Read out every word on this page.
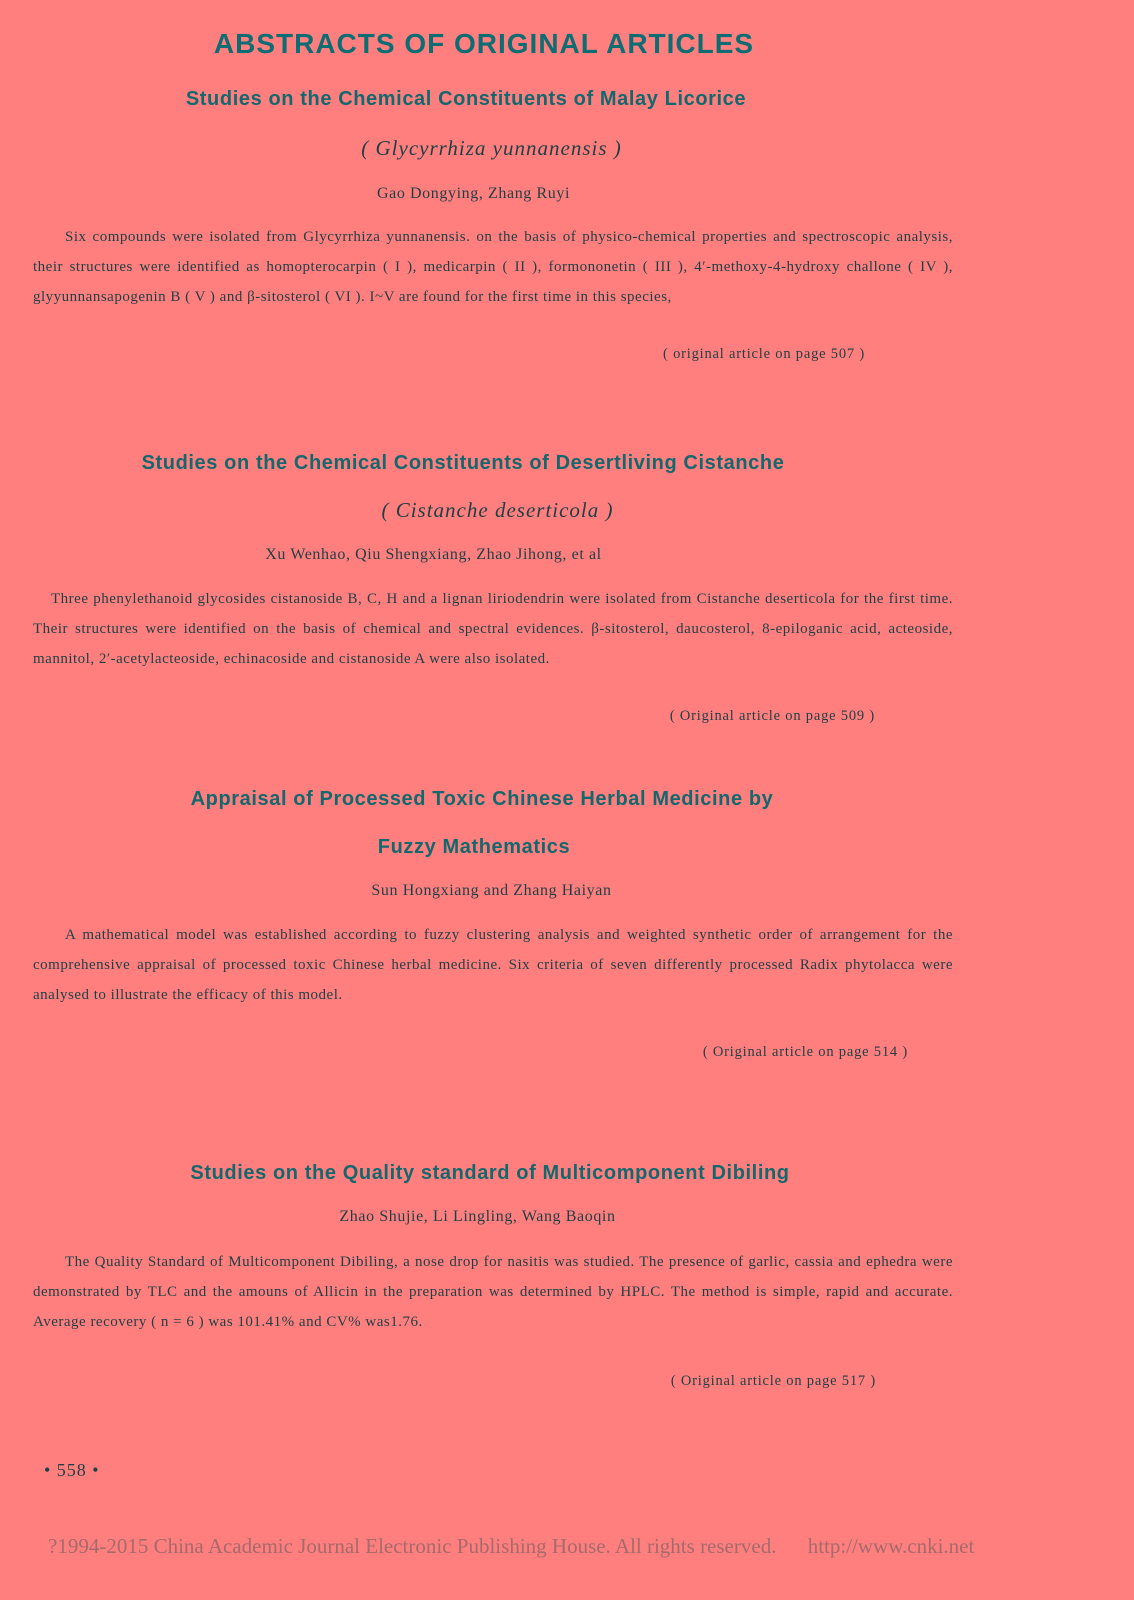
ABSTRACTS OF ORIGINAL ARTICLES
Studies on the Chemical Constituents of Malay Licorice
( Glycyrrhiza yunnanensis )
Gao Dongying, Zhang Ruyi

Six compounds were isolated from Glycyrrhiza yunnanensis. on the basis of physico-chemical properties and spectroscopic analysis, their structures were identified as homopterocarpin ( I ), medicarpin ( II ), formononetin ( III ), 4′-methoxy-4-hydroxy challone ( IV ), glyyunnansapogenin B ( V ) and β-sitosterol ( VI ). I~V are found for the first time in this species,

( original article on page 507 )
Studies on the Chemical Constituents of Desertliving Cistanche
( Cistanche deserticola )
Xu Wenhao, Qiu Shengxiang, Zhao Jihong, et al

Three phenylethanoid glycosides cistanoside B, C, H and a lignan liriodendrin were isolated from Cistanche deserticola for the first time. Their structures were identified on the basis of chemical and spectral evidences. β-sitosterol, daucosterol, 8-epiloganic acid, acteoside, mannitol, 2′-acetylacteoside, echinacoside and cistanoside A were also isolated.

( Original article on page 509 )
Appraisal of Processed Toxic Chinese Herbal Medicine by
Fuzzy Mathematics
Sun Hongxiang and Zhang Haiyan

A mathematical model was established according to fuzzy clustering analysis and weighted synthetic order of arrangement for the comprehensive appraisal of processed toxic Chinese herbal medicine. Six criteria of seven differently processed Radix phytolacca were analysed to illustrate the efficacy of this model.

( Original article on page 514 )
Studies on the Quality standard of Multicomponent Dibiling
Zhao Shujie, Li Lingling, Wang Baoqin

The Quality Standard of Multicomponent Dibiling, a nose drop for nasitis was studied. The presence of garlic, cassia and ephedra were demonstrated by TLC and the amouns of Allicin in the preparation was determined by HPLC. The method is simple, rapid and accurate. Average recovery ( n = 6 ) was 101.41% and CV% was1.76.

( Original article on page 517 )
• 558 •
?1994-2015 China Academic Journal Electronic Publishing House. All rights reserved. http://www.cnki.net
